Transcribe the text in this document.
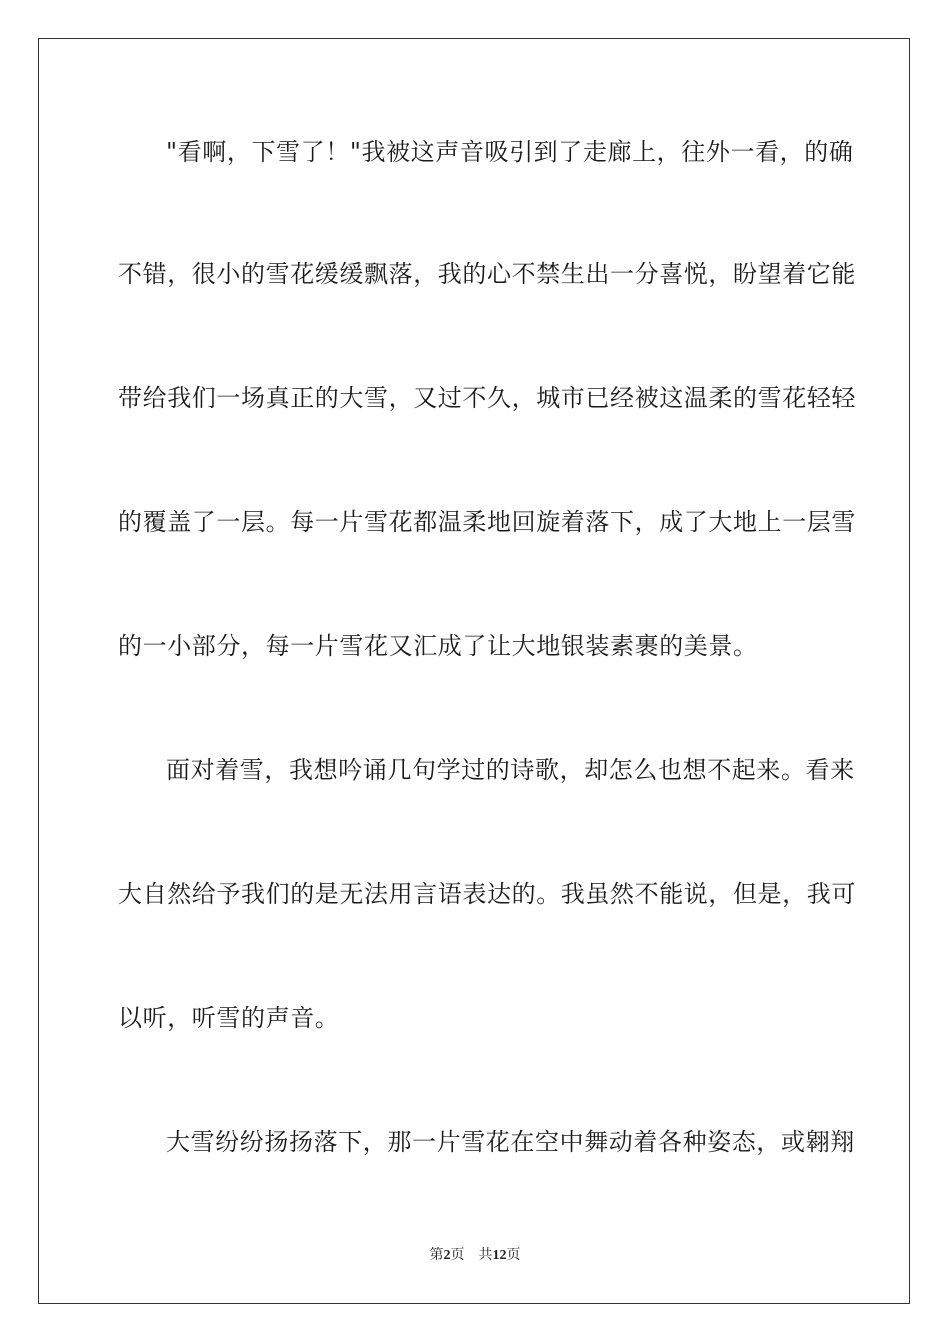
"看啊，下雪了！"我被这声音吸引到了走廊上，往外一看，的确
不错，很小的雪花缓缓飘落，我的心不禁生出一分喜悦，盼望着它能
带给我们一场真正的大雪，又过不久，城市已经被这温柔的雪花轻轻
的覆盖了一层。每一片雪花都温柔地回旋着落下，成了大地上一层雪
的一小部分，每一片雪花又汇成了让大地银装素裹的美景。
面对着雪，我想吟诵几句学过的诗歌，却怎么也想不起来。看来
大自然给予我们的是无法用言语表达的。我虽然不能说，但是，我可
以听，听雪的声音。
大雪纷纷扬扬落下，那一片雪花在空中舞动着各种姿态，或翱翔
第2页 共12页
